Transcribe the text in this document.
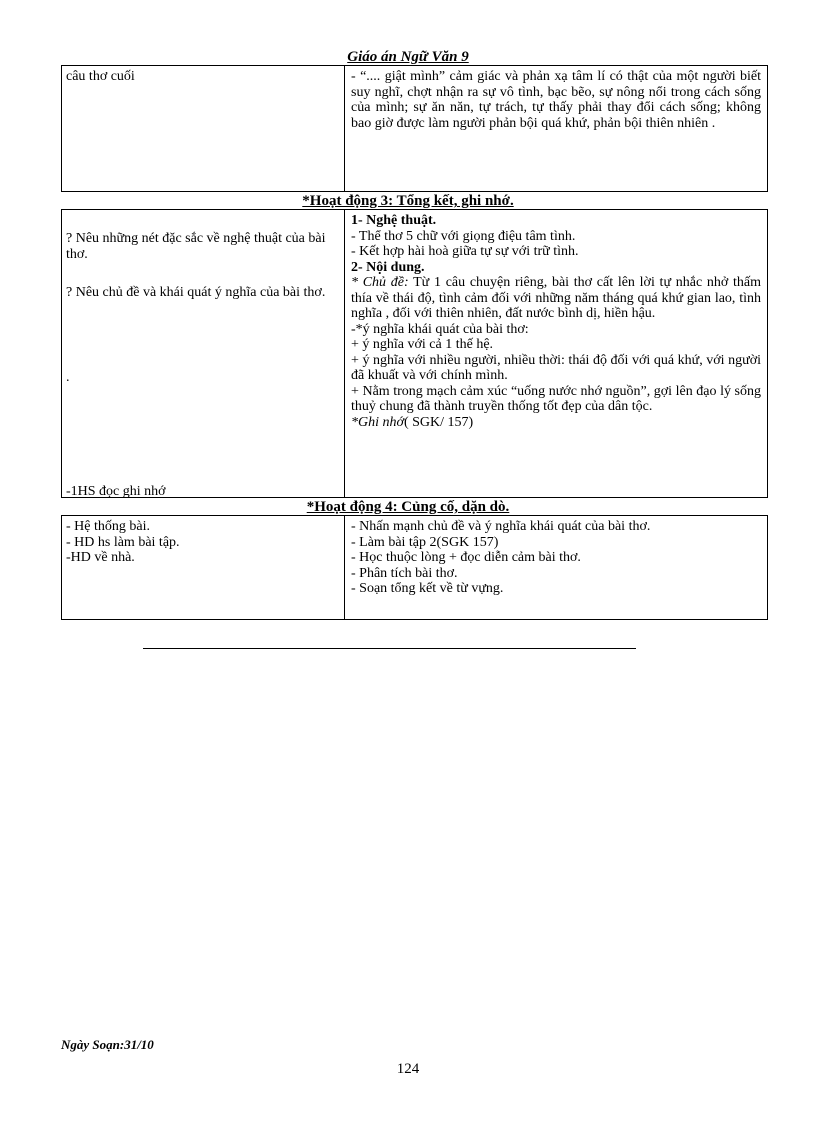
Giáo án Ngữ Văn 9
câu thơ cuối	- “.... giật mình” cảm giác và phản xạ tâm lí có thật của một người biết suy nghĩ, chợt nhận ra sự vô tình, bạc bẽo, sự nông nổi trong cách sống của mình; sự ăn năn, tự trách, tự thấy phải thay đổi cách sống; không bao giờ được làm người phản bội quá khứ, phản bội thiên nhiên .
*Hoạt động 3: Tổng kết, ghi nhớ.
? Nêu những nét đặc sắc về nghệ thuật của bài thơ.
? Nêu chủ đề và khái quát ý nghĩa của bài thơ.
.
-1HS đọc ghi nhớ
1- Nghệ thuật.
- Thể thơ 5 chữ với giọng điệu tâm tình.
- Kết hợp hài hoà giữa tự sự với trữ tình.
2- Nội dung.
* Chủ đề: Từ 1 câu chuyện riêng, bài thơ cất lên lời tự nhắc nhở thấm thía về thái độ, tình cảm đối với những năm tháng quá khứ gian lao, tình nghĩa , đối với thiên nhiên, đất nước bình dị, hiền hậu.
-*ý nghĩa khái quát của bài thơ:
+ ý nghĩa với cả 1 thế hệ.
+ ý nghĩa với nhiều người, nhiều thời: thái độ đối với quá khứ, với người đã khuất và với chính mình.
+ Nằm trong mạch cảm xúc “uống nước nhớ nguồn”, gợi lên đạo lý sống thuỷ chung đã thành truyền thống tốt đẹp của dân tộc.
*Ghi nhớ( SGK/ 157)
*Hoạt động 4: Củng cố, dặn dò.
- Hệ thống bài.
- HD hs làm bài tập.
-HD về nhà.
- Nhấn mạnh chủ đề và ý nghĩa khái quát của bài thơ.
- Làm bài tập 2(SGK 157)
- Học thuộc lòng + đọc diễn cảm bài thơ.
- Phân tích bài thơ.
- Soạn tổng kết về từ vựng.
Ngày Soạn:31/10
124
